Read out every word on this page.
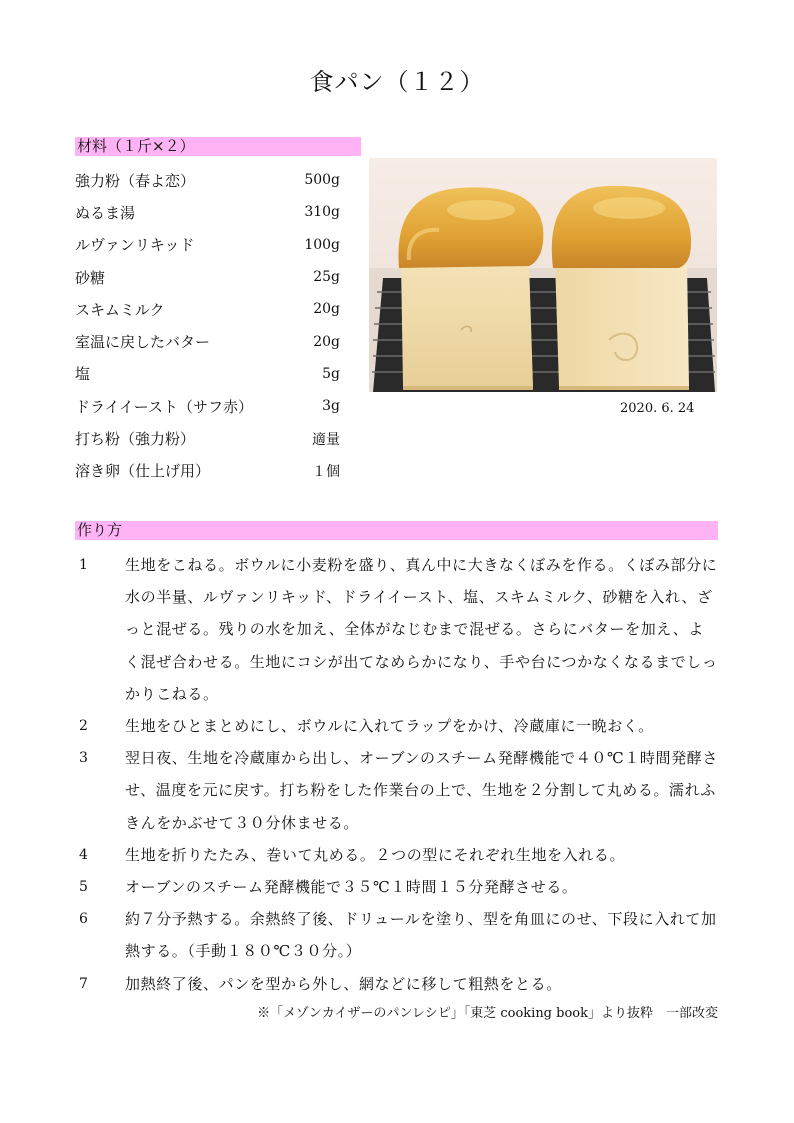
食パン（１２）
材料（１斤×２）
強力粉（春よ恋）	500g
ぬるま湯	310g
ルヴァンリキッド	100g
砂糖	25g
スキムミルク	20g
室温に戻したバター	20g
塩	5g
ドライイースト（サフ赤）	3g
打ち粉（強力粉）	適量
溶き卵（仕上げ用）	１個
2020. 6. 24
作り方
1 生地をこねる。ボウルに小麦粉を盛り、真ん中に大きなくぼみを作る。くぼみ部分に水の半量、ルヴァンリキッド、ドライイースト、塩、スキムミルク、砂糖を入れ、ざっと混ぜる。残りの水を加え、全体がなじむまで混ぜる。さらにバターを加え、よく混ぜ合わせる。生地にコシが出てなめらかになり、手や台につかなくなるまでしっかりこねる。
2 生地をひとまとめにし、ボウルに入れてラップをかけ、冷蔵庫に一晩おく。
3 翌日夜、生地を冷蔵庫から出し、オーブンのスチーム発酵機能で４０℃１時間発酵させ、温度を元に戻す。打ち粉をした作業台の上で、生地を２分割して丸める。濡れふきんをかぶせて３０分休ませる。
4 生地を折りたたみ、巻いて丸める。２つの型にそれぞれ生地を入れる。
5 オーブンのスチーム発酵機能で３５℃１時間１５分発酵させる。
6 約７分予熱する。余熱終了後、ドリュールを塗り、型を角皿にのせ、下段に入れて加熱する。（手動１８０℃３０分。）
7 加熱終了後、パンを型から外し、網などに移して粗熱をとる。
※「メゾンカイザーのパンレシピ」「東芝 cooking book」より抜粋　一部改変
